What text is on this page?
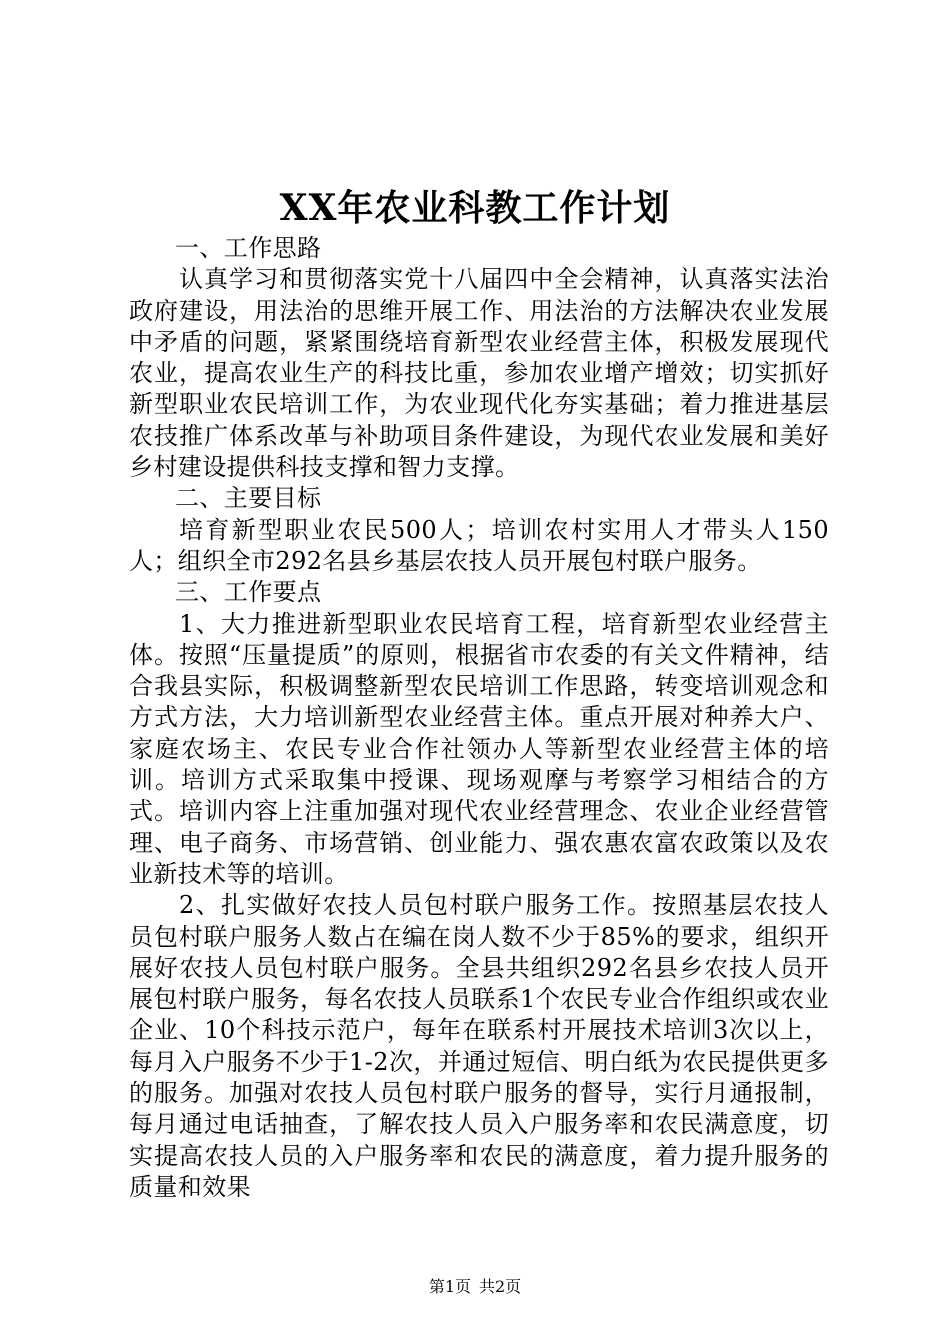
XX年农业科教工作计划

一、工作思路

认真学习和贯彻落实党十八届四中全会精神，认真落实法治政府建设，用法治的思维开展工作、用法治的方法解决农业发展中矛盾的问题，紧紧围绕培育新型农业经营主体，积极发展现代农业，提高农业生产的科技比重，参加农业增产增效；切实抓好新型职业农民培训工作，为农业现代化夯实基础；着力推进基层农技推广体系改革与补助项目条件建设，为现代农业发展和美好乡村建设提供科技支撑和智力支撑。

二、主要目标

培育新型职业农民500人；培训农村实用人才带头人150人；组织全市292名县乡基层农技人员开展包村联户服务。

三、工作要点

1、大力推进新型职业农民培育工程，培育新型农业经营主体。按照“压量提质”的原则，根据省市农委的有关文件精神，结合我县实际，积极调整新型农民培训工作思路，转变培训观念和方式方法，大力培训新型农业经营主体。重点开展对种养大户、家庭农场主、农民专业合作社领办人等新型农业经营主体的培训。培训方式采取集中授课、现场观摩与考察学习相结合的方式。培训内容上注重加强对现代农业经营理念、农业企业经营管理、电子商务、市场营销、创业能力、强农惠农富农政策以及农业新技术等的培训。

2、扎实做好农技人员包村联户服务工作。按照基层农技人员包村联户服务人数占在编在岗人数不少于85%的要求，组织开展好农技人员包村联户服务。全县共组织292名县乡农技人员开展包村联户服务，每名农技人员联系1个农民专业合作组织或农业企业、10个科技示范户，每年在联系村开展技术培训3次以上，每月入户服务不少于1-2次，并通过短信、明白纸为农民提供更多的服务。加强对农技人员包村联户服务的督导，实行月通报制，每月通过电话抽查，了解农技人员入户服务率和农民满意度，切实提高农技人员的入户服务率和农民的满意度，着力提升服务的质量和效果

第1页 共2页
